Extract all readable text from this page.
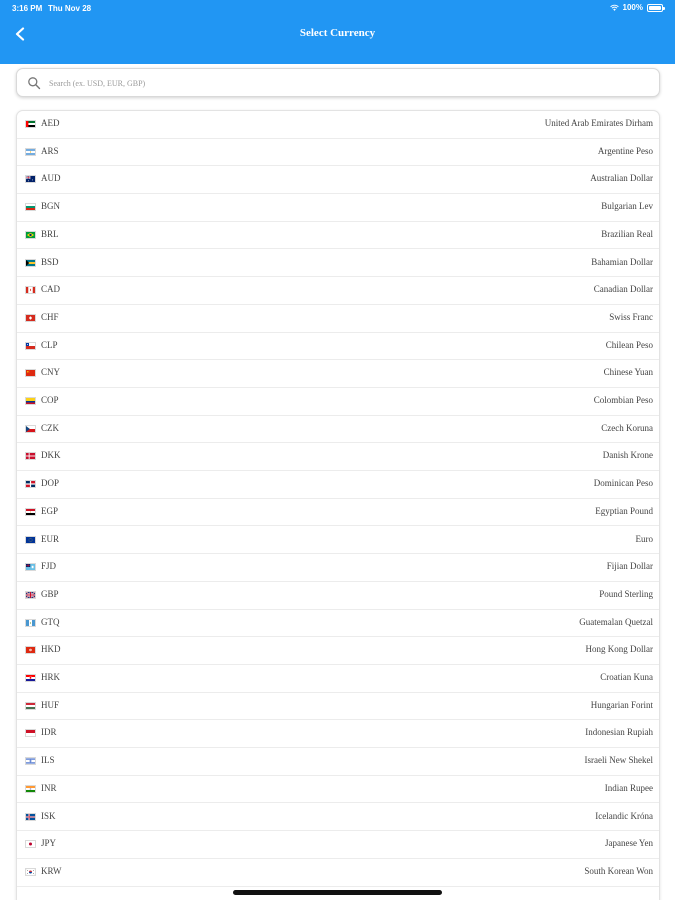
3:16 PM Thu Nov 28	100%
Select Currency
Search (ex. USD, EUR, GBP)
AED	United Arab Emirates Dirham
ARS	Argentine Peso
AUD	Australian Dollar
BGN	Bulgarian Lev
BRL	Brazilian Real
BSD	Bahamian Dollar
CAD	Canadian Dollar
CHF	Swiss Franc
CLP	Chilean Peso
CNY	Chinese Yuan
COP	Colombian Peso
CZK	Czech Koruna
DKK	Danish Krone
DOP	Dominican Peso
EGP	Egyptian Pound
EUR	Euro
FJD	Fijian Dollar
GBP	Pound Sterling
GTQ	Guatemalan Quetzal
HKD	Hong Kong Dollar
HRK	Croatian Kuna
HUF	Hungarian Forint
IDR	Indonesian Rupiah
ILS	Israeli New Shekel
INR	Indian Rupee
ISK	Icelandic Króna
JPY	Japanese Yen
KRW	South Korean Won
